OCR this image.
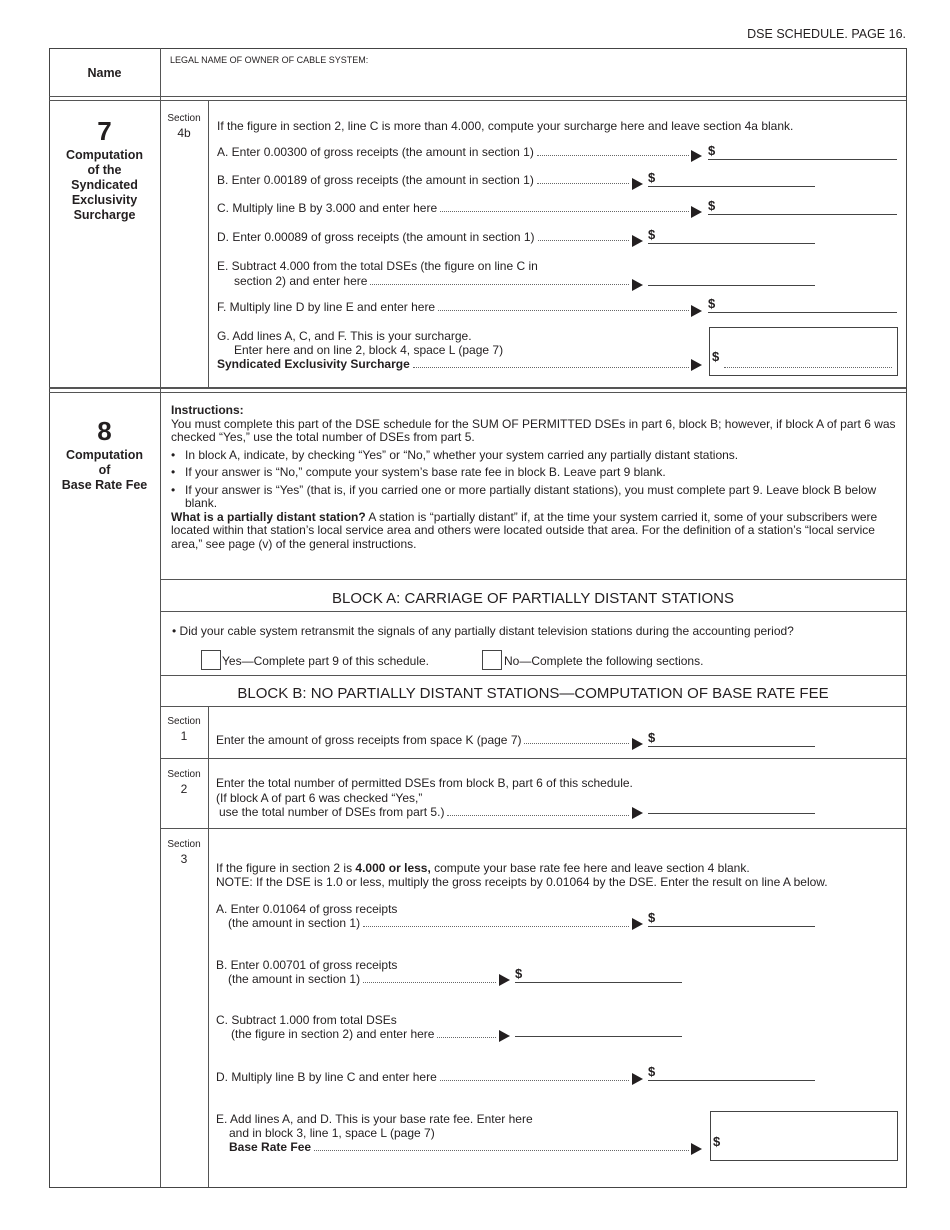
DSE SCHEDULE. PAGE 16.
Name
LEGAL NAME OF OWNER OF CABLE SYSTEM:
7
Computation
of the
Syndicated
Exclusivity
Surcharge
Section
4b	If the figure in section 2, line C is more than 4.000, compute your surcharge here and leave section 4a blank.
A. Enter 0.00300 of gross receipts (the amount in section 1)	$
B. Enter 0.00189 of gross receipts (the amount in section 1)	$
C. Multiply line B by 3.000 and enter here	$
D. Enter 0.00089 of gross receipts (the amount in section 1)	$
E. Subtract 4.000 from the total DSEs (the figure on line C in
section 2) and enter here
F. Multiply line D by line E and enter here	$
G. Add lines A, C, and F. This is your surcharge.
Enter here and on line 2, block 4, space L (page 7)
Syndicated Exclusivity Surcharge	$
8
Computation
of
Base Rate Fee
Instructions:
You must complete this part of the DSE schedule for the SUM OF PERMITTED DSEs in part 6, block B; however, if block A of part 6 was checked “Yes,” use the total number of DSEs from part 5.
• In block A, indicate, by checking “Yes” or “No,” whether your system carried any partially distant stations.
• If your answer is “No,” compute your system’s base rate fee in block B. Leave part 9 blank.
• If your answer is “Yes” (that is, if you carried one or more partially distant stations), you must complete part 9. Leave block B below blank.
What is a partially distant station? A station is “partially distant” if, at the time your system carried it, some of your subscribers were located within that station’s local service area and others were located outside that area. For the definition of a station’s “local service area,” see page (v) of the general instructions.
BLOCK A: CARRIAGE OF PARTIALLY DISTANT STATIONS
• Did your cable system retransmit the signals of any partially distant television stations during the accounting period?
Yes—Complete part 9 of this schedule.	No—Complete the following sections.
BLOCK B: NO PARTIALLY DISTANT STATIONS—COMPUTATION OF BASE RATE FEE
Section
1	Enter the amount of gross receipts from space K (page 7)	$
Section
2	Enter the total number of permitted DSEs from block B, part 6 of this schedule.
(If block A of part 6 was checked “Yes,”
use the total number of DSEs from part 5.)
Section
3
If the figure in section 2 is 4.000 or less, compute your base rate fee here and leave section 4 blank.
NOTE: If the DSE is 1.0 or less, multiply the gross receipts by 0.01064 by the DSE. Enter the result on line A below.
A. Enter 0.01064 of gross receipts
(the amount in section 1)	$
B. Enter 0.00701 of gross receipts
(the amount in section 1)	$
C. Subtract 1.000 from total DSEs
(the figure in section 2) and enter here
D. Multiply line B by line C and enter here	$
E. Add lines A, and D. This is your base rate fee. Enter here
and in block 3, line 1, space L (page 7)
Base Rate Fee	$
